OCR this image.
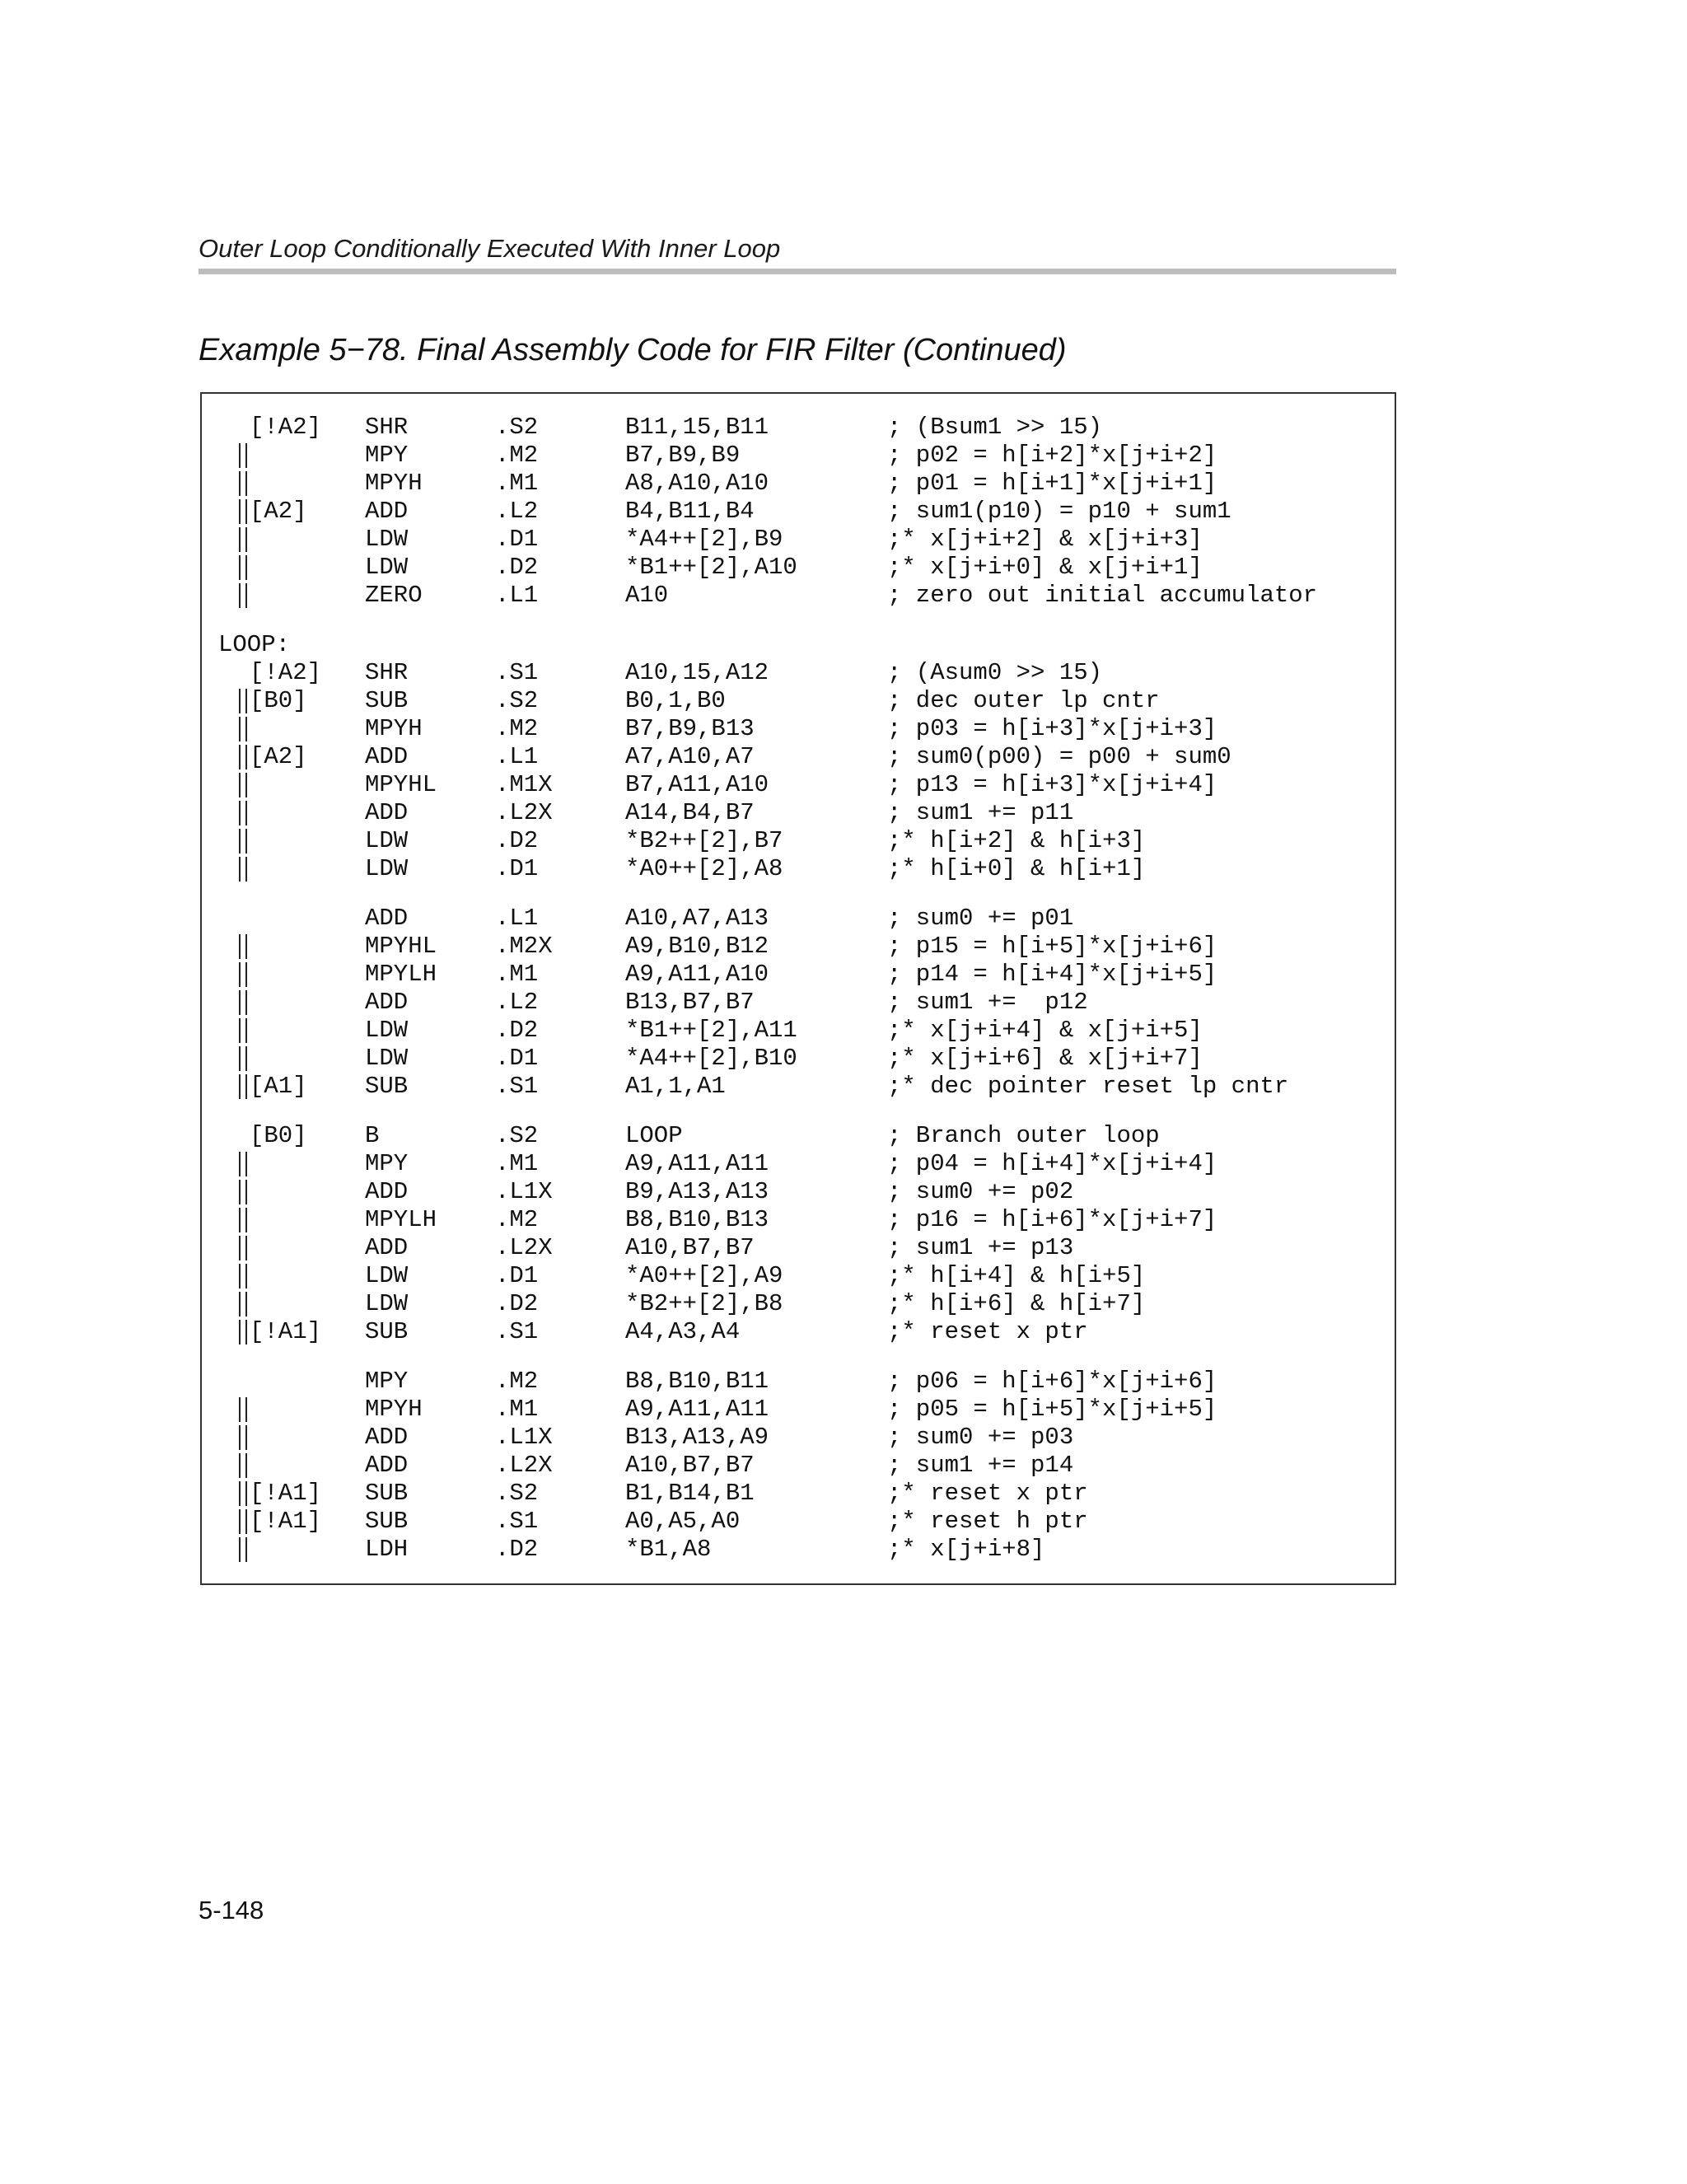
Outer Loop Conditionally Executed With Inner Loop
Example 5−78. Final Assembly Code for FIR Filter (Continued)
[!A2] SHR	.S2	B11,15,B11	; (Bsum1 >> 15)
MPY	.M2	B7,B9,B9	; p02 = h[i+2]*x[j+i+2]
MPYH	.M1	A8,A10,A10	; p01 = h[i+1]*x[j+i+1]
[A2] ADD	.L2	B4,B11,B4	; sum1(p10) = p10 + sum1
LDW	.D1	*A4++[2],B9	;* x[j+i+2] & x[j+i+3]
LDW	.D2	*B1++[2],A10	;* x[j+i+0] & x[j+i+1]
ZERO	.L1	A10	; zero out initial accumulator
LOOP:
[!A2] SHR	.S1	A10,15,A12	; (Asum0 >> 15)
[B0] SUB	.S2	B0,1,B0	; dec outer lp cntr
MPYH	.M2	B7,B9,B13	; p03 = h[i+3]*x[j+i+3]
[A2] ADD	.L1	A7,A10,A7	; sum0(p00) = p00 + sum0
MPYHL .M1X	B7,A11,A10	; p13 = h[i+3]*x[j+i+4]
ADD	.L2X	A14,B4,B7	; sum1 += p11
LDW	.D2	*B2++[2],B7	;* h[i+2] & h[i+3]
LDW	.D1	*A0++[2],A8	;* h[i+0] & h[i+1]
ADD	.L1	A10,A7,A13	; sum0 += p01
MPYHL .M2X	A9,B10,B12	; p15 = h[i+5]*x[j+i+6]
MPYLH .M1	A9,A11,A10	; p14 = h[i+4]*x[j+i+5]
ADD	.L2	B13,B7,B7	; sum1 +=  p12
LDW	.D2	*B1++[2],A11	;* x[j+i+4] & x[j+i+5]
LDW	.D1	*A4++[2],B10	;* x[j+i+6] & x[j+i+7]
[A1] SUB	.S1	A1,1,A1	;* dec pointer reset lp cntr
[B0] B	.S2	LOOP	; Branch outer loop
MPY	.M1	A9,A11,A11	; p04 = h[i+4]*x[j+i+4]
ADD	.L1X	B9,A13,A13	; sum0 += p02
MPYLH .M2	B8,B10,B13	; p16 = h[i+6]*x[j+i+7]
ADD	.L2X	A10,B7,B7	; sum1 += p13
LDW	.D1	*A0++[2],A9	;* h[i+4] & h[i+5]
LDW	.D2	*B2++[2],B8	;* h[i+6] & h[i+7]
[!A1] SUB	.S1	A4,A3,A4	;* reset x ptr
MPY	.M2	B8,B10,B11	; p06 = h[i+6]*x[j+i+6]
MPYH	.M1	A9,A11,A11	; p05 = h[i+5]*x[j+i+5]
ADD	.L1X	B13,A13,A9	; sum0 += p03
ADD	.L2X	A10,B7,B7	; sum1 += p14
[!A1] SUB	.S2	B1,B14,B1	;* reset x ptr
[!A1] SUB	.S1	A0,A5,A0	;* reset h ptr
LDH	.D2	*B1,A8	;* x[j+i+8]
5-148
